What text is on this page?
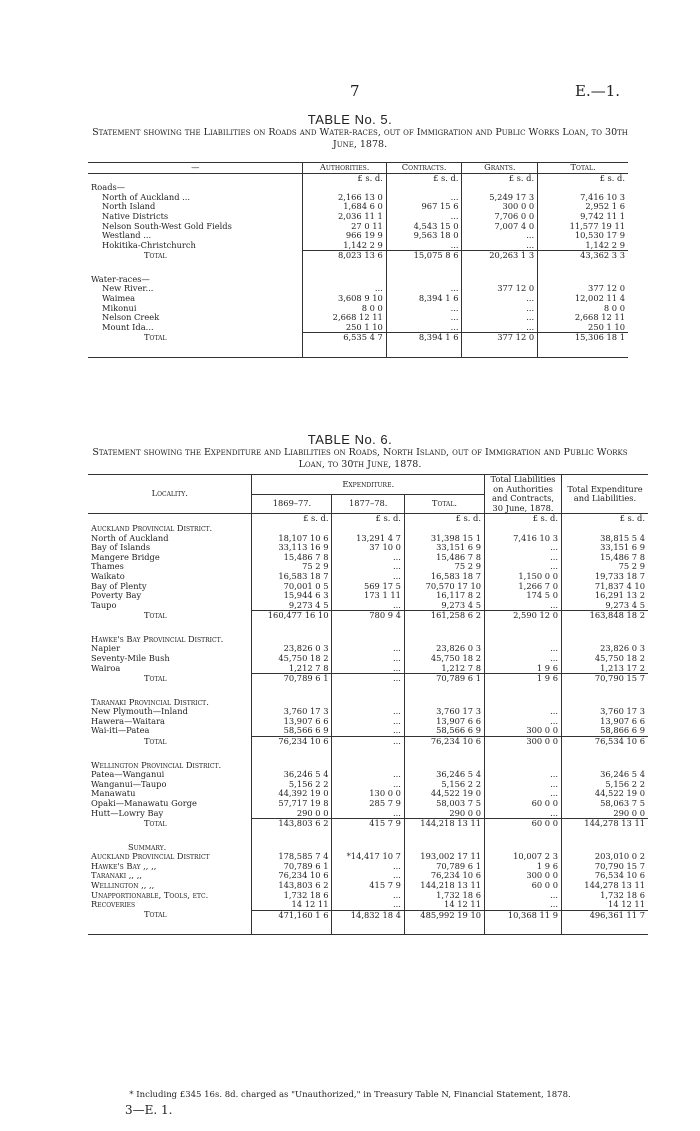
7	E.—1.
TABLE No. 5.
Statement showing the Liabilities on Roads and Water-races, out of Immigration and Public Works Loan, to 30th June, 1878.
—	Authorities.	Contracts.	Grants.	Total.
	£ s. d.	£ s. d.	£ s. d.	£ s. d.
Roads—				
North of Auckland ...	2,166 13 0	...	5,249 17 3	7,416 10 3
North Island	1,684 6 0	967 15 6	300 0 0	2,952 1 6
Native Districts	2,036 11 1	...	7,706 0 0	9,742 11 1
Nelson South-West Gold Fields	27 0 11	4,543 15 0	7,007 4 0	11,577 19 11
Westland ...	966 19 9	9,563 18 0	...	10,530 17 9
Hokitika-Christchurch	1,142 2 9	...	...	1,142 2 9
Total	8,023 13 6	15,075 8 6	20,263 1 3	43,362 3 3

Water-races—				
New River...	...	...	377 12 0	377 12 0
Waimea	3,608 9 10	8,394 1 6	...	12,002 11 4
Mikonui	8 0 0	...	...	8 0 0
Nelson Creek	2,668 12 11	...	...	2,668 12 11
Mount Ida...	250 1 10	...	...	250 1 10
Total	6,535 4 7	8,394 1 6	377 12 0	15,306 18 1

TABLE No. 6.
Statement showing the Expenditure and Liabilities on Roads, North Island, out of Immigration and Public Works Loan, to 30th June, 1878.
Locality.	Expenditure.			Total Liabilities on Authorities and Contracts, 30 June, 1878.	Total Expenditure and Liabilities.
	1869–77.	1877–78.	Total.		
	£ s. d.	£ s. d.	£ s. d.	£ s. d.	£ s. d.
Auckland Provincial District.					
North of Auckland	18,107 10 6	13,291 4 7	31,398 15 1	7,416 10 3	38,815 5 4

Bay of Islands	33,113 16 9	37 10 0	33,151 6 9	...	33,151 6 9
Mangere Bridge	15,486 7 8	...	15,486 7 8	...	15,486 7 8
Thames	75 2 9	...	75 2 9	...	75 2 9
Waikato	16,583 18 7	...	16,583 18 7	1,150 0 0	19,733 18 7
Bay of Plenty	70,001 0 5	569 17 5	70,570 17 10	1,266 7 0	71,837 4 10
Poverty Bay	15,944 6 3	173 1 11	16,117 8 2	174 5 0	16,291 13 2
Taupo	9,273 4 5	...	9,273 4 5	...	9,273 4 5
Total	160,477 16 10	780 9 4	161,258 6 2	2,590 12 0	163,848 18 2

Hawke's Bay Provincial District.					
Napier	23,826 0 3	...	23,826 0 3	...	23,826 0 3
Seventy-Mile Bush	45,750 18 2	...	45,750 18 2	...	45,750 18 2
Wairoa	1,212 7 8	...	1,212 7 8	1 9 6	1,213 17 2
Total	70,789 6 1	...	70,789 6 1	1 9 6	70,790 15 7

Taranaki Provincial District.					
New Plymouth—Inland	3,760 17 3	...	3,760 17 3	...	3,760 17 3
Hawera—Waitara	13,907 6 6	...	13,907 6 6	...	13,907 6 6
Wai-iti—Patea	58,566 6 9	...	58,566 6 9	300 0 0	58,866 6 9
Total	76,234 10 6	...	76,234 10 6	300 0 0	76,534 10 6

Wellington Provincial District.					
Patea—Wanganui	36,246 5 4	...	36,246 5 4	...	36,246 5 4
Wanganui—Taupo	5,156 2 2	...	5,156 2 2	...	5,156 2 2
Manawatu	44,392 19 0	130 0 0	44,522 19 0	...	44,522 19 0
Opaki—Manawatu Gorge	57,717 19 8	285 7 9	58,003 7 5	60 0 0	58,063 7 5
Hutt—Lowry Bay	290 0 0	...	290 0 0	...	290 0 0
Total	143,803 6 2	415 7 9	144,218 13 11	60 0 0	144,278 13 11

Summary.					
Auckland Provincial District	178,585 7 4	*14,417 10 7	193,002 17 11	10,007 2 3	203,010 0 2
Hawke's Bay ,, ,,	70,789 6 1	...	70,789 6 1	1 9 6	70,790 15 7
Taranaki ,, ,,	76,234 10 6	...	76,234 10 6	300 0 0	76,534 10 6
Wellington ,, ,,	143,803 6 2	415 7 9	144,218 13 11	60 0 0	144,278 13 11
Unapportionable, Tools, etc.	1,732 18 6	...	1,732 18 6	...	1,732 18 6
Recoveries	14 12 11	...	14 12 11	...	14 12 11
Total	471,160 1 6	14,832 18 4	485,992 19 10	10,368 11 9	496,361 11 7

* Including £345 16s. 8d. charged as "Unauthorized," in Treasury Table N, Financial Statement, 1878.
3—E. 1.
